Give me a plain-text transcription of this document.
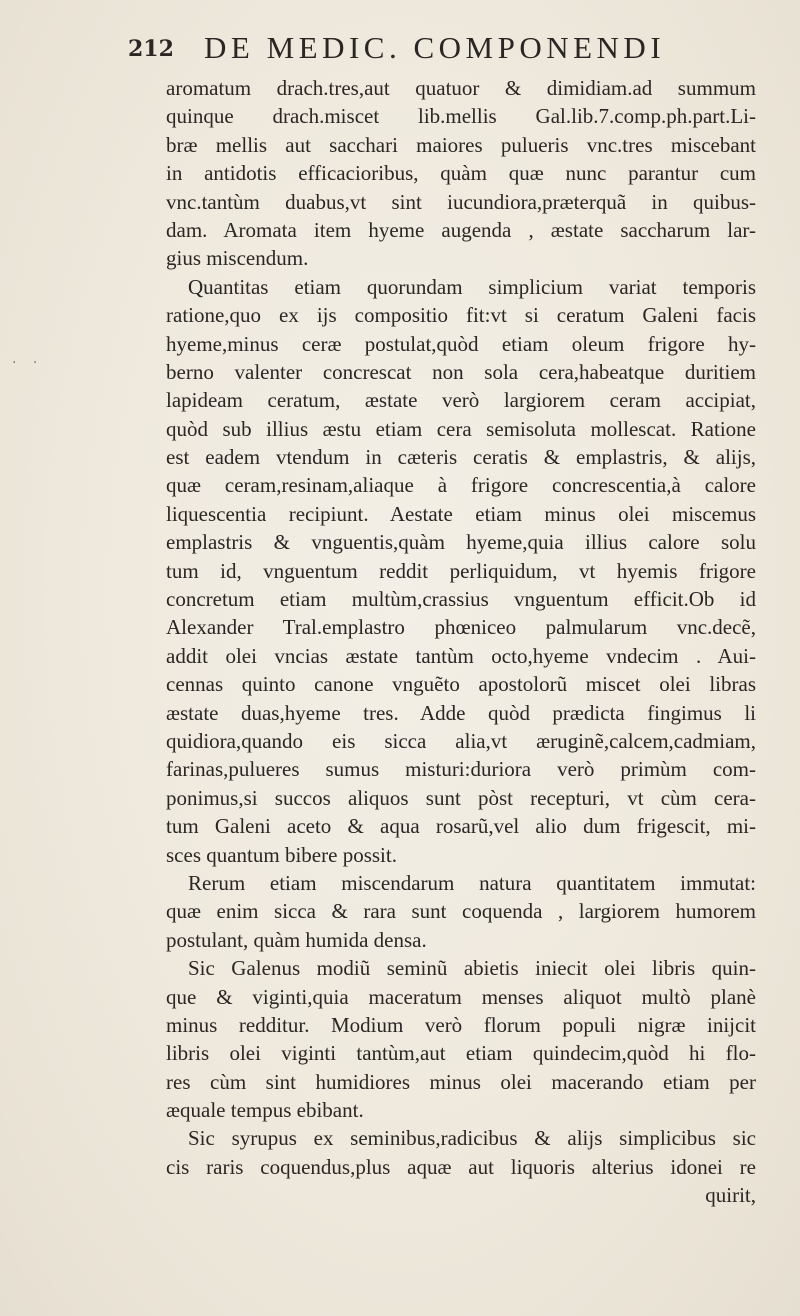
212 DE MEDIC. COMPONENDI
· ·
aromatum drach.tres,aut quatuor & dimidiam.ad summum
quinque drach.miscet lib.mellis Gal.lib.7.comp.ph.part.Li-
bræ mellis aut sacchari maiores pulueris vnc.tres miscebant
in antidotis efficacioribus, quàm quæ nunc parantur cum
vnc.tantùm duabus,vt sint iucundiora,præterquã in quibus-
dam. Aromata item hyeme augenda , æstate saccharum lar-
gius miscendum.
Quantitas etiam quorundam simplicium variat temporis
ratione,quo ex ijs compositio fit:vt si ceratum Galeni facis
hyeme,minus ceræ postulat,quòd etiam oleum frigore hy-
berno valenter concrescat non sola cera,habeatque duritiem
lapideam ceratum, æstate verò largiorem ceram accipiat,
quòd sub illius æstu etiam cera semisoluta mollescat. Ratione
est eadem vtendum in cæteris ceratis & emplastris, & alijs,
quæ ceram,resinam,aliaque à frigore concrescentia,à calore
liquescentia recipiunt. Aestate etiam minus olei miscemus
emplastris & vnguentis,quàm hyeme,quia illius calore solu
tum id, vnguentum reddit perliquidum, vt hyemis frigore
concretum etiam multùm,crassius vnguentum efficit.Ob id
Alexander Tral.emplastro phœniceo palmularum vnc.decẽ,
addit olei vncias æstate tantùm octo,hyeme vndecim . Aui-
cennas quinto canone vnguẽto apostolorũ miscet olei libras
æstate duas,hyeme tres. Adde quòd prædicta fingimus li
quidiora,quando eis sicca alia,vt æruginẽ,calcem,cadmiam,
farinas,pulueres sumus misturi:duriora verò primùm com-
ponimus,si succos aliquos sunt pòst recepturi, vt cùm cera-
tum Galeni aceto & aqua rosarũ,vel alio dum frigescit, mi-
sces quantum bibere possit.
Rerum etiam miscendarum natura quantitatem immutat:
quæ enim sicca & rara sunt coquenda , largiorem humorem
postulant, quàm humida densa.
Sic Galenus modiũ seminũ abietis iniecit olei libris quin-
que & viginti,quia maceratum menses aliquot multò planè
minus redditur. Modium verò florum populi nigræ inijcit
libris olei viginti tantùm,aut etiam quindecim,quòd hi flo-
res cùm sint humidiores minus olei macerando etiam per
æquale tempus ebibant.
Sic syrupus ex seminibus,radicibus & alijs simplicibus sic
cis raris coquendus,plus aquæ aut liquoris alterius idonei re
quirit,
